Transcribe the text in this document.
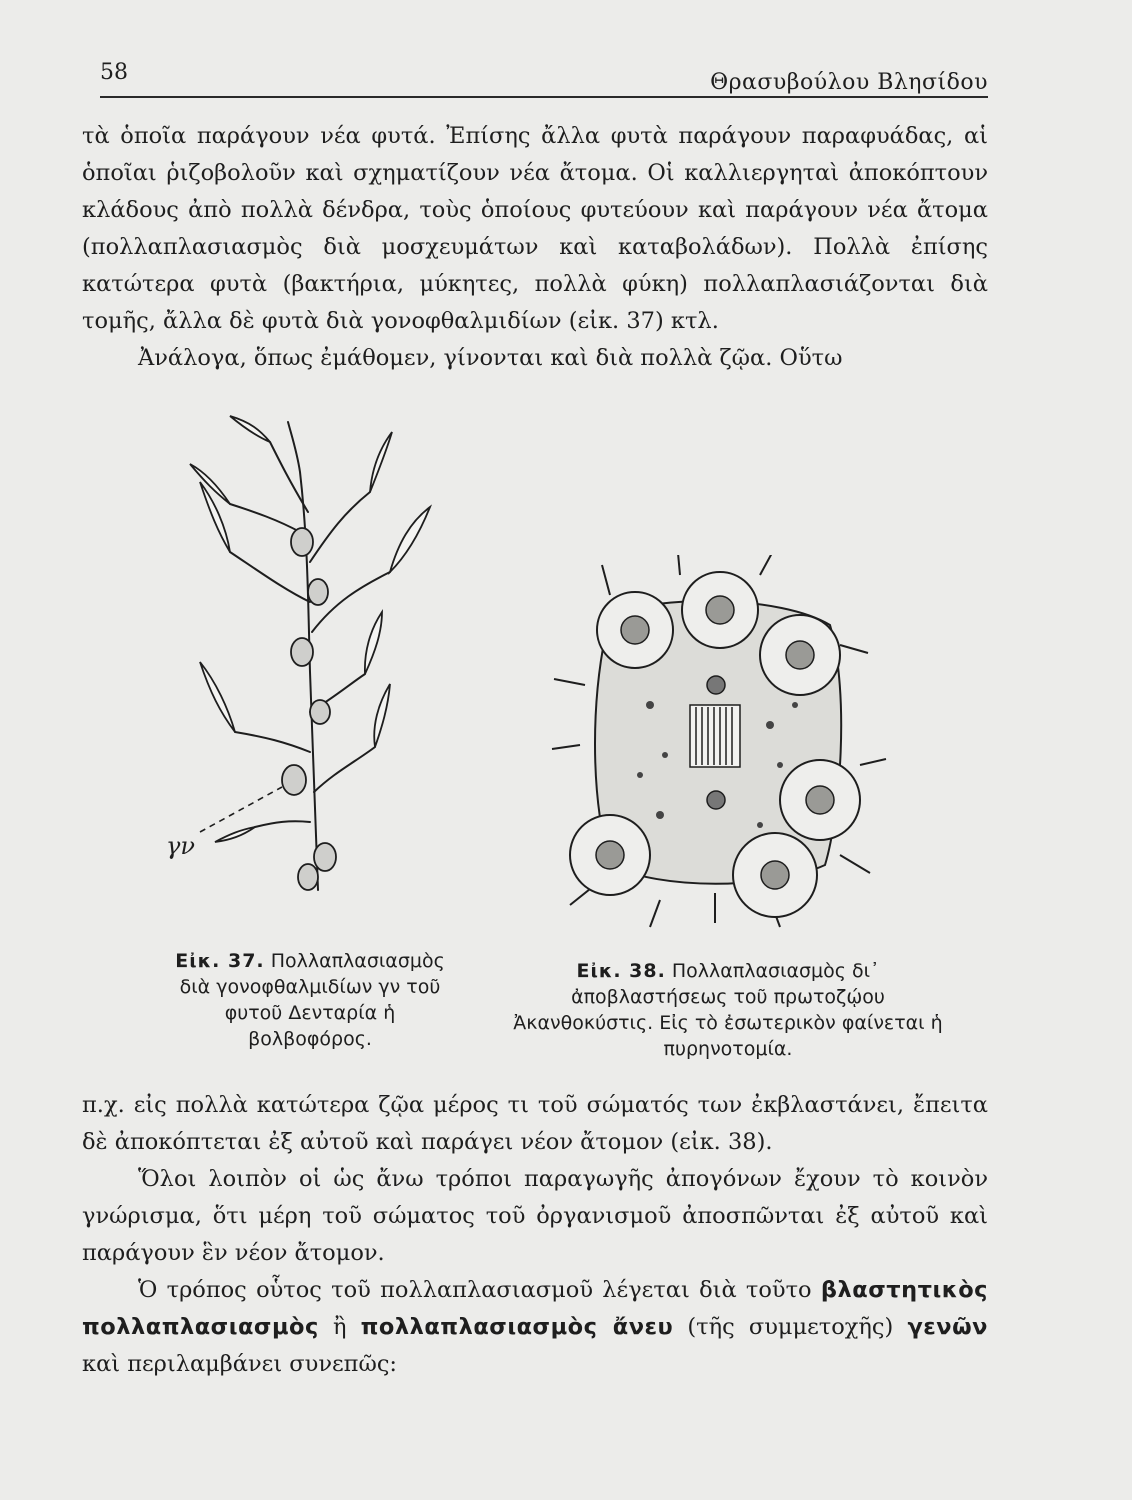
58	Θρασυβούλου Βλησίδου

τὰ ὁποῖα παράγουν νέα φυτά. Ἐπίσης ἄλλα φυτὰ παράγουν παραφυάδας, αἱ ὁποῖαι ῥιζοβολοῦν καὶ σχηματίζουν νέα ἄτομα. Οἱ καλλιεργηταὶ ἀποκόπτουν κλάδους ἀπὸ πολλὰ δένδρα, τοὺς ὁποίους φυτεύουν καὶ παράγουν νέα ἄτομα (πολλαπλασιασμὸς διὰ μοσχευμάτων καὶ καταβολάδων). Πολλὰ ἐπίσης κατώτερα φυτὰ (βακτήρια, μύκητες, πολλὰ φύκη) πολλαπλασιάζονται διὰ τομῆς, ἄλλα δὲ φυτὰ διὰ γονοφθαλμιδίων (εἰκ. 37) κτλ.

Ἀνάλογα, ὅπως ἐμάθομεν, γίνονται καὶ διὰ πολλὰ ζῷα. Οὕτω

γν
Εἰκ. 37. Πολλαπλασιασμὸς διὰ γονοφθαλμιδίων γν τοῦ φυτοῦ Δενταρία ἡ βολβοφόρος.
Εἰκ. 38. Πολλαπλασιασμὸς δι᾽ ἀποβλαστήσεως τοῦ πρωτοζῴου Ἀκανθοκύστις. Εἰς τὸ ἐσωτερικὸν φαίνεται ἡ πυρηνοτομία.

π.χ. εἰς πολλὰ κατώτερα ζῷα μέρος τι τοῦ σώματός των ἐκβλαστάνει, ἔπειτα δὲ ἀποκόπτεται ἐξ αὐτοῦ καὶ παράγει νέον ἄτομον (εἰκ. 38).

Ὅλοι λοιπὸν οἱ ὡς ἄνω τρόποι παραγωγῆς ἀπογόνων ἔχουν τὸ κοινὸν γνώρισμα, ὅτι μέρη τοῦ σώματος τοῦ ὀργανισμοῦ ἀποσπῶνται ἐξ αὐτοῦ καὶ παράγουν ἓν νέον ἄτομον.

Ὁ τρόπος οὗτος τοῦ πολλαπλασιασμοῦ λέγεται διὰ τοῦτο βλαστητικὸς πολλαπλασιασμὸς ἢ πολλαπλασιασμὸς ἄνευ (τῆς συμμετοχῆς) γενῶν καὶ περιλαμβάνει συνεπῶς:
